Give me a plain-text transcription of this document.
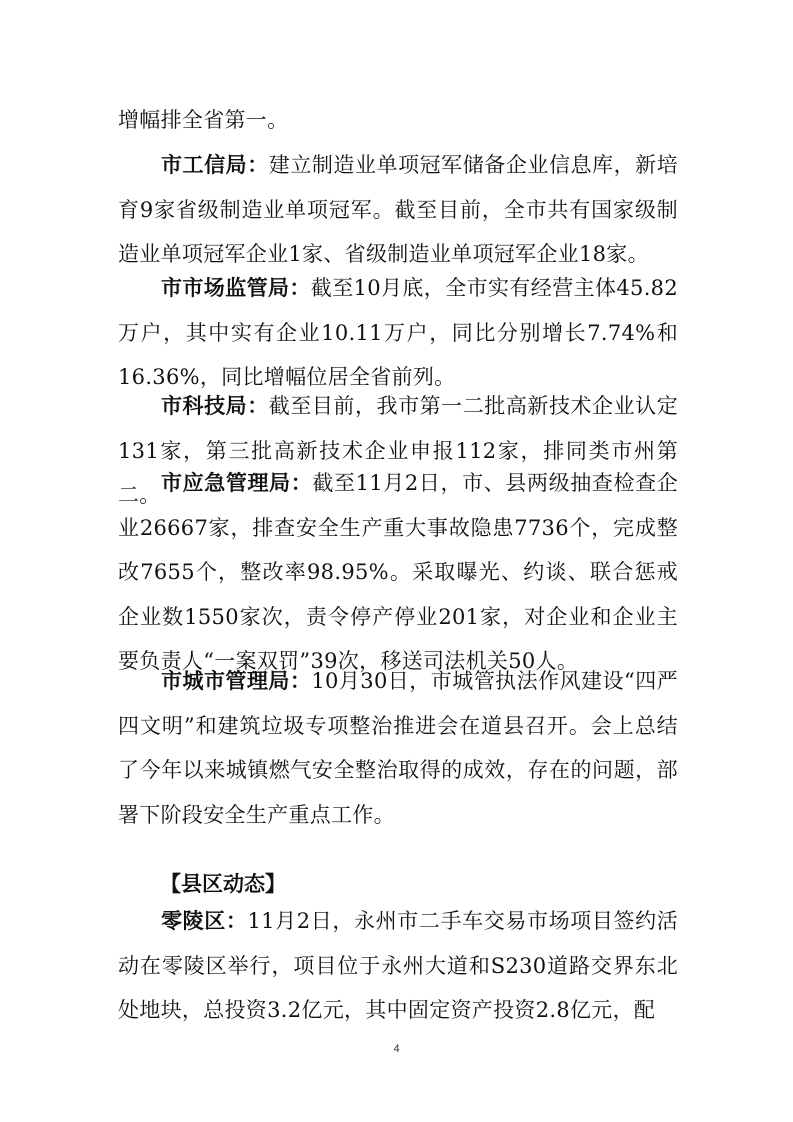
增幅排全省第一。

市工信局：建立制造业单项冠军储备企业信息库，新培育9家省级制造业单项冠军。截至目前，全市共有国家级制造业单项冠军企业1家、省级制造业单项冠军企业18家。

市市场监管局：截至10月底，全市实有经营主体45.82万户，其中实有企业10.11万户，同比分别增长7.74%和16.36%，同比增幅位居全省前列。

市科技局：截至目前，我市第一二批高新技术企业认定131家，第三批高新技术企业申报112家，排同类市州第二。 市应急管理局：截至11月2日，市、县两级抽查检查企业26667家，排查安全生产重大事故隐患7736个，完成整改7655个，整改率98.95%。采取曝光、约谈、联合惩戒企业数1550家次，责令停产停业201家，对企业和企业主要负责人“一案双罚”39次，移送司法机关50人。

市城市管理局：10月30日，市城管执法作风建设“四严四文明”和建筑垃圾专项整治推进会在道县召开。会上总结了今年以来城镇燃气安全整治取得的成效，存在的问题，部署下阶段安全生产重点工作。

【县区动态】

零陵区：11月2日，永州市二手车交易市场项目签约活动在零陵区举行，项目位于永州大道和S230道路交界东北处地块，总投资3.2亿元，其中固定资产投资2.8亿元，配

4
